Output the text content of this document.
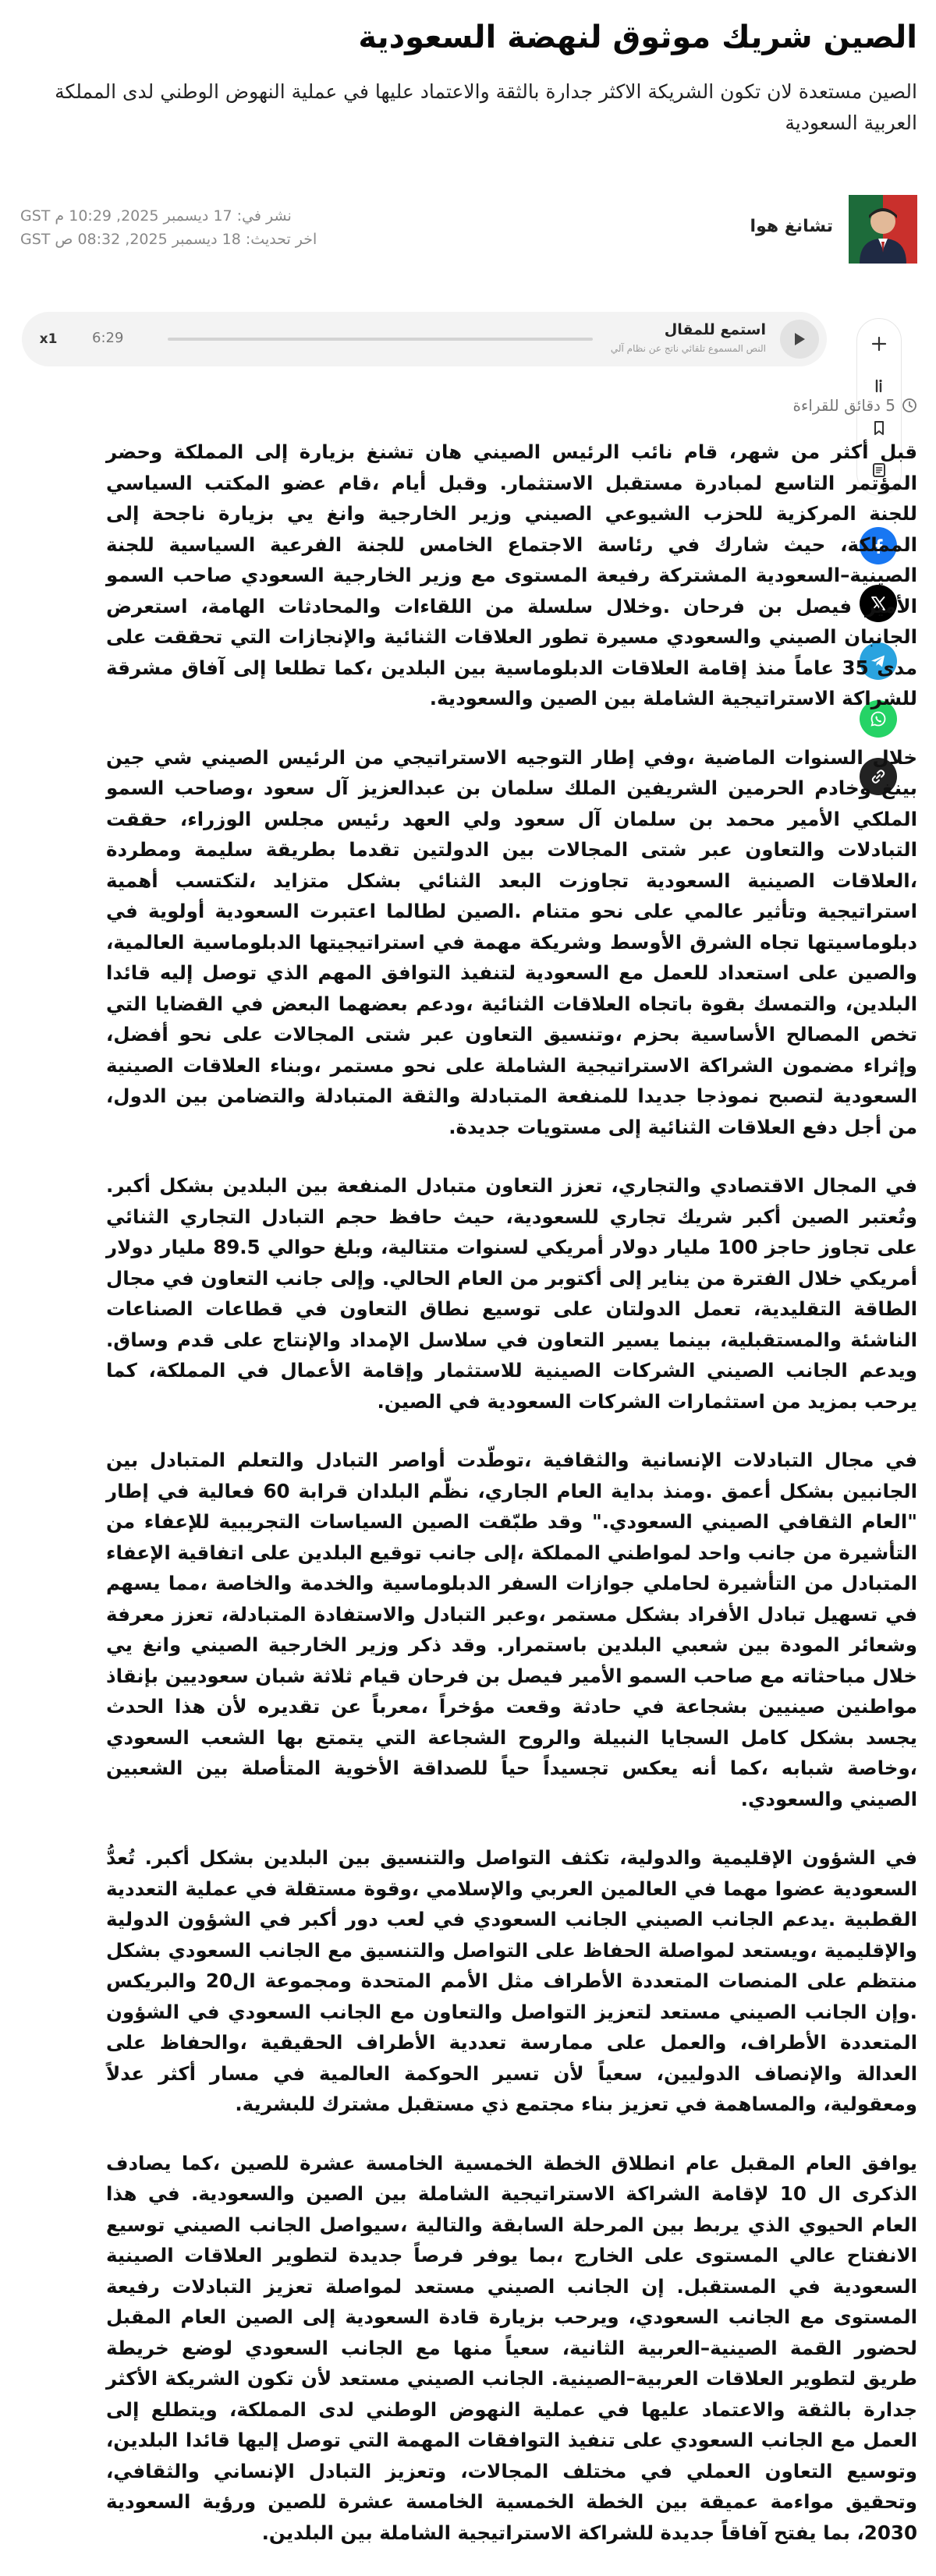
الصين شريك موثوق لنهضة السعودية
الصين مستعدة لان تكون الشريكة الاكثر جدارة بالثقة والاعتماد عليها في عملية النهوض الوطني لدى المملكة العربية السعودية
تشانغ هوا
نشر في: 17 ديسمبر 2025, 10:29 م GST
اخر تحديث: 18 ديسمبر 2025, 08:32 ص GST
استمع للمقال
النص المسموع تلقائي ناتج عن نظام آلي
6:29
x1
5 دقائق للقراءة

قبل أكثر من شهر، قام نائب الرئيس الصيني هان تشنغ بزيارة إلى المملكة وحضر المؤتمر التاسع لمبادرة مستقبل الاستثمار. وقبل أيام ،قام عضو المكتب السياسي للجنة المركزية للحزب الشيوعي الصيني وزير الخارجية وانغ يي بزيارة ناجحة إلى المملكة، حيث شارك في رئاسة الاجتماع الخامس للجنة الفرعية السياسية للجنة الصينية–السعودية المشتركة رفيعة المستوى مع وزير الخارجية السعودي صاحب السمو الأمير فيصل بن فرحان .وخلال سلسلة من اللقاءات والمحادثات الهامة، استعرض الجانبان الصيني والسعودي مسيرة تطور العلاقات الثنائية والإنجازات التي تحققت على مدى 35 عاماً منذ إقامة العلاقات الدبلوماسية بين البلدين ،كما تطلعا إلى آفاق مشرقة للشراكة الاستراتيجية الشاملة بين الصين والسعودية.

خلال السنوات الماضية ،وفي إطار التوجيه الاستراتيجي من الرئيس الصيني شي جين بينغ وخادم الحرمين الشريفين الملك سلمان بن عبدالعزيز آل سعود ،وصاحب السمو الملكي الأمير محمد بن سلمان آل سعود ولي العهد رئيس مجلس الوزراء، حققت التبادلات والتعاون عبر شتى المجالات بين الدولتين تقدما بطريقة سليمة ومطردة ،العلاقات الصينية السعودية تجاوزت البعد الثنائي بشكل متزايد ،لتكتسب أهمية استراتيجية وتأثير عالمي على نحو متنام .الصين لطالما اعتبرت السعودية أولوية في دبلوماسيتها تجاه الشرق الأوسط وشريكة مهمة في استراتيجيتها الدبلوماسية العالمية، والصين على استعداد للعمل مع السعودية لتنفيذ التوافق المهم الذي توصل إليه قائدا البلدين، والتمسك بقوة باتجاه العلاقات الثنائية ،ودعم بعضهما البعض في القضايا التي تخص المصالح الأساسية بحزم ،وتنسيق التعاون عبر شتى المجالات على نحو أفضل، وإثراء مضمون الشراكة الاستراتيجية الشاملة على نحو مستمر ،وبناء العلاقات الصينية السعودية لتصبح نموذجا جديدا للمنفعة المتبادلة والثقة المتبادلة والتضامن بين الدول، من أجل دفع العلاقات الثنائية إلى مستويات جديدة.

في المجال الاقتصادي والتجاري، تعزز التعاون متبادل المنفعة بين البلدين بشكل أكبر. وتُعتبر الصين أكبر شريك تجاري للسعودية، حيث حافظ حجم التبادل التجاري الثنائي على تجاوز حاجز 100 مليار دولار أمريكي لسنوات متتالية، وبلغ حوالي 89.5 مليار دولار أمريكي خلال الفترة من يناير إلى أكتوبر من العام الحالي. وإلى جانب التعاون في مجال الطاقة التقليدية، تعمل الدولتان على توسيع نطاق التعاون في قطاعات الصناعات الناشئة والمستقبلية، بينما يسير التعاون في سلاسل الإمداد والإنتاج على قدم وساق. ويدعم الجانب الصيني الشركات الصينية للاستثمار وإقامة الأعمال في المملكة، كما يرحب بمزيد من استثمارات الشركات السعودية في الصين.

في مجال التبادلات الإنسانية والثقافية ،توطّدت أواصر التبادل والتعلم المتبادل بين الجانبين بشكل أعمق .ومنذ بداية العام الجاري، نظّم البلدان قرابة 60 فعالية في إطار "العام الثقافي الصيني السعودي." وقد طبّقت الصين السياسات التجريبية للإعفاء من التأشيرة من جانب واحد لمواطني المملكة ،إلى جانب توقيع البلدين على اتفاقية الإعفاء المتبادل من التأشيرة لحاملي جوازات السفر الدبلوماسية والخدمة والخاصة ،مما يسهم في تسهيل تبادل الأفراد بشكل مستمر ،وعبر التبادل والاستفادة المتبادلة، تعزز معرفة وشعائر المودة بين شعبي البلدين باستمرار. وقد ذكر وزير الخارجية الصيني وانغ يي خلال مباحثاته مع صاحب السمو الأمير فيصل بن فرحان قيام ثلاثة شبان سعوديين بإنقاذ مواطنين صينيين بشجاعة في حادثة وقعت مؤخراً ،معرباً عن تقديره لأن هذا الحدث يجسد بشكل كامل السجايا النبيلة والروح الشجاعة التي يتمتع بها الشعب السعودي ،وخاصة شبابه ،كما أنه يعكس تجسيداً حياً للصداقة الأخوية المتأصلة بين الشعبين الصيني والسعودي.

في الشؤون الإقليمية والدولية، تكثف التواصل والتنسيق بين البلدين بشكل أكبر. تُعدُّ السعودية عضوا مهما في العالمين العربي والإسلامي ،وقوة مستقلة في عملية التعددية القطبية .يدعم الجانب الصيني الجانب السعودي في لعب دور أكبر في الشؤون الدولية والإقليمية ،ويستعد لمواصلة الحفاظ على التواصل والتنسيق مع الجانب السعودي بشكل منتظم على المنصات المتعددة الأطراف مثل الأمم المتحدة ومجموعة ال20 والبريكس .وإن الجانب الصيني مستعد لتعزيز التواصل والتعاون مع الجانب السعودي في الشؤون المتعددة الأطراف، والعمل على ممارسة تعددية الأطراف الحقيقية ،والحفاظ على العدالة والإنصاف الدوليين، سعياً لأن تسير الحوكمة العالمية في مسار أكثر عدلاً ومعقولية، والمساهمة في تعزيز بناء مجتمع ذي مستقبل مشترك للبشرية.

يوافق العام المقبل عام انطلاق الخطة الخمسية الخامسة عشرة للصين ،كما يصادف الذكرى ال 10 لإقامة الشراكة الاستراتيجية الشاملة بين الصين والسعودية. في هذا العام الحيوي الذي يربط بين المرحلة السابقة والتالية ،سيواصل الجانب الصيني توسيع الانفتاح عالي المستوى على الخارج ،بما يوفر فرصاً جديدة لتطوير العلاقات الصينية السعودية في المستقبل. إن الجانب الصيني مستعد لمواصلة تعزيز التبادلات رفيعة المستوى مع الجانب السعودي، ويرحب بزيارة قادة السعودية إلى الصين العام المقبل لحضور القمة الصينية–العربية الثانية، سعياً منها مع الجانب السعودي لوضع خريطة طريق لتطوير العلاقات العربية–الصينية. الجانب الصيني مستعد لأن تكون الشريكة الأكثر جدارة بالثقة والاعتماد عليها في عملية النهوض الوطني لدى المملكة، ويتطلع إلى العمل مع الجانب السعودي على تنفيذ التوافقات المهمة التي توصل إليها قائدا البلدين، وتوسيع التعاون العملي في مختلف المجالات، وتعزيز التبادل الإنساني والثقافي، وتحقيق مواءمة عميقة بين الخطة الخمسية الخامسة عشرة للصين ورؤية السعودية 2030، بما يفتح آفاقاً جديدة للشراكة الاستراتيجية الشاملة بين البلدين.
